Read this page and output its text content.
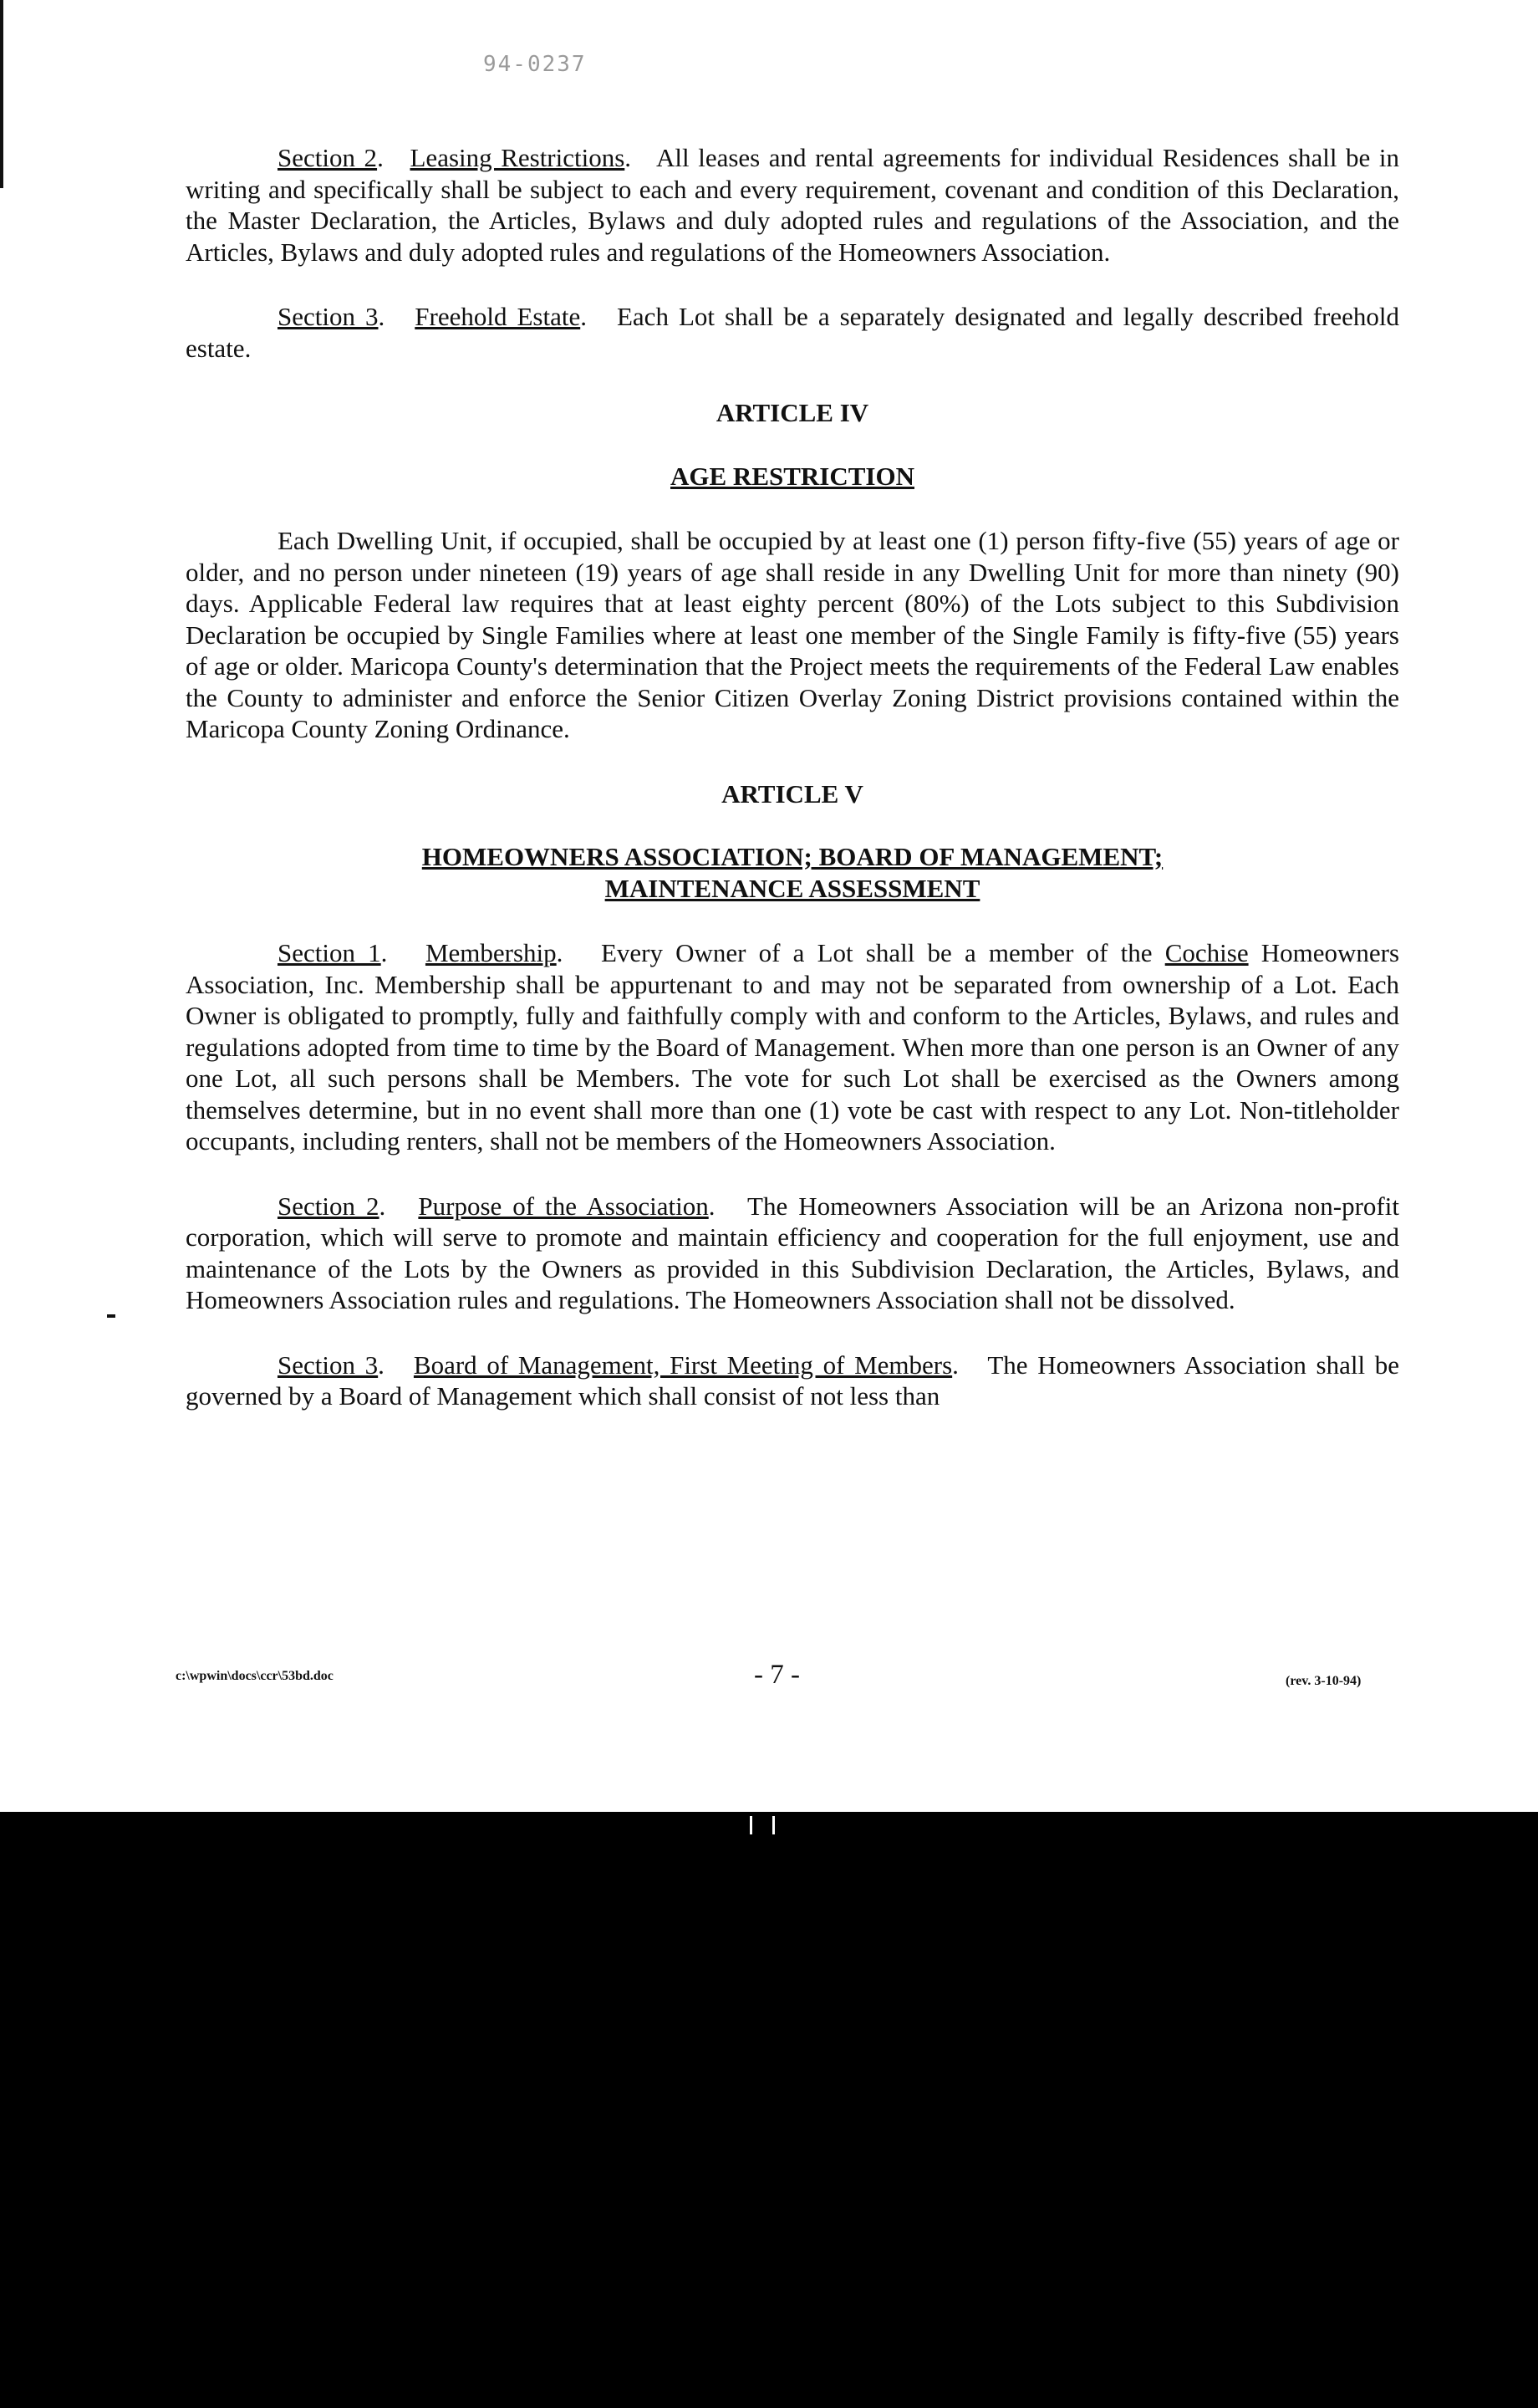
94-0237

Section 2.   Leasing Restrictions.   All leases and rental agreements for individual Residences shall be in writing and specifically shall be subject to each and every requirement, covenant and condition of this Declaration, the Master Declaration, the Articles, Bylaws and duly adopted rules and regulations of the Association, and the Articles, Bylaws and duly adopted rules and regulations of the Homeowners Association.

Section 3.   Freehold Estate.   Each Lot shall be a separately designated and legally described freehold estate.

ARTICLE IV
AGE RESTRICTION

Each Dwelling Unit, if occupied, shall be occupied by at least one (1) person fifty-five (55) years of age or older, and no person under nineteen (19) years of age shall reside in any Dwelling Unit for more than ninety (90) days. Applicable Federal law requires that at least eighty percent (80%) of the Lots subject to this Subdivision Declaration be occupied by Single Families where at least one member of the Single Family is fifty-five (55) years of age or older. Maricopa County's determination that the Project meets the requirements of the Federal Law enables the County to administer and enforce the Senior Citizen Overlay Zoning District provisions contained within the Maricopa County Zoning Ordinance.

ARTICLE V
HOMEOWNERS ASSOCIATION; BOARD OF MANAGEMENT;
MAINTENANCE ASSESSMENT

Section 1.   Membership.   Every Owner of a Lot shall be a member of the Cochise Homeowners Association, Inc. Membership shall be appurtenant to and may not be separated from ownership of a Lot. Each Owner is obligated to promptly, fully and faithfully comply with and conform to the Articles, Bylaws, and rules and regulations adopted from time to time by the Board of Management. When more than one person is an Owner of any one Lot, all such persons shall be Members. The vote for such Lot shall be exercised as the Owners among themselves determine, but in no event shall more than one (1) vote be cast with respect to any Lot. Non-titleholder occupants, including renters, shall not be members of the Homeowners Association.

Section 2.   Purpose of the Association.   The Homeowners Association will be an Arizona non-profit corporation, which will serve to promote and maintain efficiency and cooperation for the full enjoyment, use and maintenance of the Lots by the Owners as provided in this Subdivision Declaration, the Articles, Bylaws, and Homeowners Association rules and regulations. The Homeowners Association shall not be dissolved.

Section 3.   Board of Management, First Meeting of Members.   The Homeowners Association shall be governed by a Board of Management which shall consist of not less than

c:\wpwin\docs\ccr\53bd.doc	- 7 -	(rev. 3-10-94)
